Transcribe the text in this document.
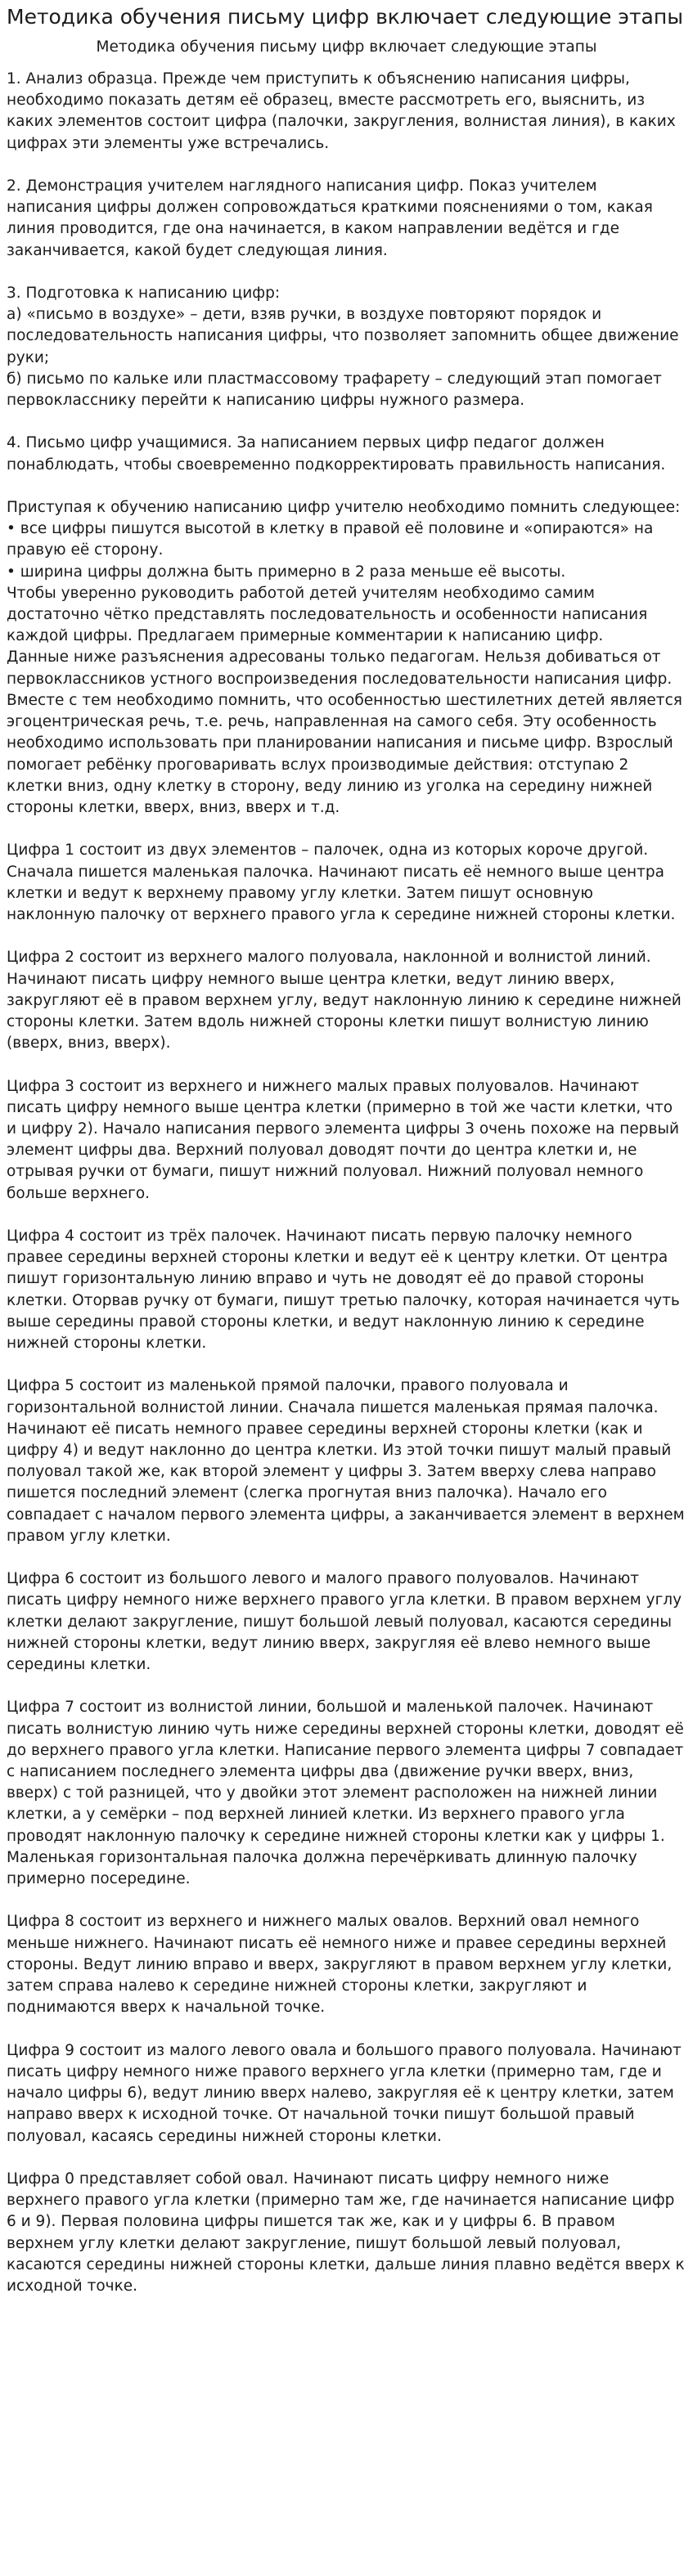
Методика обучения письму цифр включает следующие этапы
Методика обучения письму цифр включает следующие этапы
1. Анализ образца. Прежде чем приступить к объяснению написания цифры, необходимо показать детям её образец, вместе рассмотреть его, выяснить, из каких элементов состоит цифра (палочки, закругления, волнистая линия), в каких цифрах эти элементы уже встречались.

2. Демонстрация учителем наглядного написания цифр. Показ учителем написания цифры должен сопровождаться краткими пояснениями о том, какая линия проводится, где она начинается, в каком направлении ведётся и где заканчивается, какой будет следующая линия.

3. Подготовка к написанию цифр:
а) «письмо в воздухе» – дети, взяв ручки, в воздухе повторяют порядок и последовательность написания цифры, что позволяет запомнить общее движение руки;
б) письмо по кальке или пластмассовому трафарету – следующий этап помогает первокласснику перейти к написанию цифры нужного размера.

4. Письмо цифр учащимися. За написанием первых цифр педагог должен понаблюдать, чтобы своевременно подкорректировать правильность написания.

Приступая к обучению написанию цифр учителю необходимо помнить следующее:
• все цифры пишутся высотой в клетку в правой её половине и «опираются» на правую её сторону.
• ширина цифры должна быть примерно в 2 раза меньше её высоты.
Чтобы уверенно руководить работой детей учителям необходимо самим достаточно чётко представлять последовательность и особенности написания каждой цифры. Предлагаем примерные комментарии к написанию цифр.
Данные ниже разъяснения адресованы только педагогам. Нельзя добиваться от первоклассников устного воспроизведения последовательности написания цифр. Вместе с тем необходимо помнить, что особенностью шестилетних детей является эгоцентрическая речь, т.е. речь, направленная на самого себя. Эту особенность необходимо использовать при планировании написания и письме цифр. Взрослый помогает ребёнку проговаривать вслух производимые действия: отступаю 2 клетки вниз, одну клетку в сторону, веду линию из уголка на середину нижней стороны клетки, вверх, вниз, вверх и т.д.

Цифра 1 состоит из двух элементов – палочек, одна из которых короче другой. Сначала пишется маленькая палочка. Начинают писать её немного выше центра клетки и ведут к верхнему правому углу клетки. Затем пишут основную наклонную палочку от верхнего правого угла к середине нижней стороны клетки.

Цифра 2 состоит из верхнего малого полуовала, наклонной и волнистой линий. Начинают писать цифру немного выше центра клетки, ведут линию вверх, закругляют её в правом верхнем углу, ведут наклонную линию к середине нижней стороны клетки. Затем вдоль нижней стороны клетки пишут волнистую линию (вверх, вниз, вверх).

Цифра 3 состоит из верхнего и нижнего малых правых полуовалов. Начинают писать цифру немного выше центра клетки (примерно в той же части клетки, что и цифру 2). Начало написания первого элемента цифры 3 очень похоже на первый элемент цифры два. Верхний полуовал доводят почти до центра клетки и, не отрывая ручки от бумаги, пишут нижний полуовал. Нижний полуовал немного больше верхнего.

Цифра 4 состоит из трёх палочек. Начинают писать первую палочку немного правее середины верхней стороны клетки и ведут её к центру клетки. От центра пишут горизонтальную линию вправо и чуть не доводят её до правой стороны клетки. Оторвав ручку от бумаги, пишут третью палочку, которая начинается чуть выше середины правой стороны клетки, и ведут наклонную линию к середине нижней стороны клетки.

Цифра 5 состоит из маленькой прямой палочки, правого полуовала и горизонтальной волнистой линии. Сначала пишется маленькая прямая палочка. Начинают её писать немного правее середины верхней стороны клетки (как и цифру 4) и ведут наклонно до центра клетки. Из этой точки пишут малый правый полуовал такой же, как второй элемент у цифры 3. Затем вверху слева направо пишется последний элемент (слегка прогнутая вниз палочка). Начало его совпадает с началом первого элемента цифры, а заканчивается элемент в верхнем правом углу клетки.

Цифра 6 состоит из большого левого и малого правого полуовалов. Начинают писать цифру немного ниже верхнего правого угла клетки. В правом верхнем углу клетки делают закругление, пишут большой левый полуовал, касаются середины нижней стороны клетки, ведут линию вверх, закругляя её влево немного выше середины клетки.

Цифра 7 состоит из волнистой линии, большой и маленькой палочек. Начинают писать волнистую линию чуть ниже середины верхней стороны клетки, доводят её до верхнего правого угла клетки. Написание первого элемента цифры 7 совпадает с написанием последнего элемента цифры два (движение ручки вверх, вниз, вверх) с той разницей, что у двойки этот элемент расположен на нижней линии клетки, а у семёрки – под верхней линией клетки. Из верхнего правого угла проводят наклонную палочку к середине нижней стороны клетки как у цифры 1. Маленькая горизонтальная палочка должна перечёркивать длинную палочку примерно посередине.

Цифра 8 состоит из верхнего и нижнего малых овалов. Верхний овал немного меньше нижнего. Начинают писать её немного ниже и правее середины верхней стороны. Ведут линию вправо и вверх, закругляют в правом верхнем углу клетки, затем справа налево к середине нижней стороны клетки, закругляют и поднимаются вверх к начальной точке.

Цифра 9 состоит из малого левого овала и большого правого полуовала. Начинают писать цифру немного ниже правого верхнего угла клетки (примерно там, где и начало цифры 6), ведут линию вверх налево, закругляя её к центру клетки, затем направо вверх к исходной точке. От начальной точки пишут большой правый полуовал, касаясь середины нижней стороны клетки.

Цифра 0 представляет собой овал. Начинают писать цифру немного ниже верхнего правого угла клетки (примерно там же, где начинается написание цифр 6 и 9). Первая половина цифры пишется так же, как и у цифры 6. В правом верхнем углу клетки делают закругление, пишут большой левый полуовал, касаются середины нижней стороны клетки, дальше линия плавно ведётся вверх к исходной точке.
